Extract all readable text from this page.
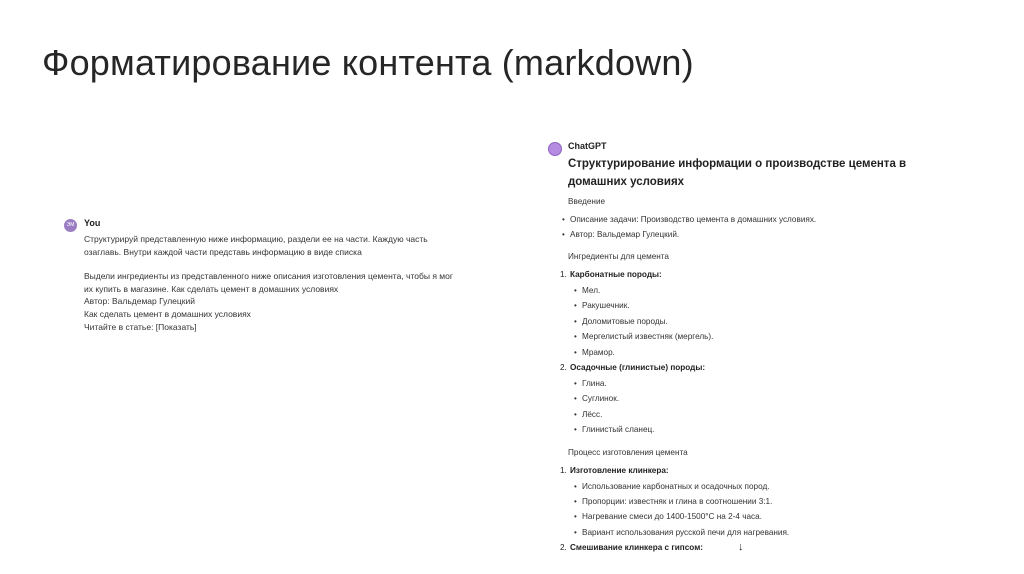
Форматирование контента (markdown)
ЭМ You
Структурируй представленную ниже информацию, раздели ее на части. Каждую часть
озаглавь. Внутри каждой части представь информацию в виде списка
Выдели ингредиенты из представленного ниже описания изготовления цемента, чтобы я мог
их купить в магазине. Как сделать цемент в домашних условиях
Автор: Вальдемар Гулецкий
Как сделать цемент в домашних условиях
Читайте в статье: [Показать]
ChatGPT
Структурирование информации о производстве цемента в домашних условиях
Введение
• Описание задачи: Производство цемента в домашних условиях.
• Автор: Вальдемар Гулецкий.
Ингредиенты для цемента
1. Карбонатные породы:
• Мел.
• Ракушечник.
• Доломитовые породы.
• Мергелистый известняк (мергель).
• Мрамор.
2. Осадочные (глинистые) породы:
• Глина.
• Суглинок.
• Лёсс.
• Глинистый сланец.
Процесс изготовления цемента
1. Изготовление клинкера:
• Использование карбонатных и осадочных пород.
• Пропорции: известняк и глина в соотношении 3:1.
• Нагревание смеси до 1400-1500°C на 2-4 часа.
• Вариант использования русской печи для нагревания.
2. Смешивание клинкера с гипсом:	↓
